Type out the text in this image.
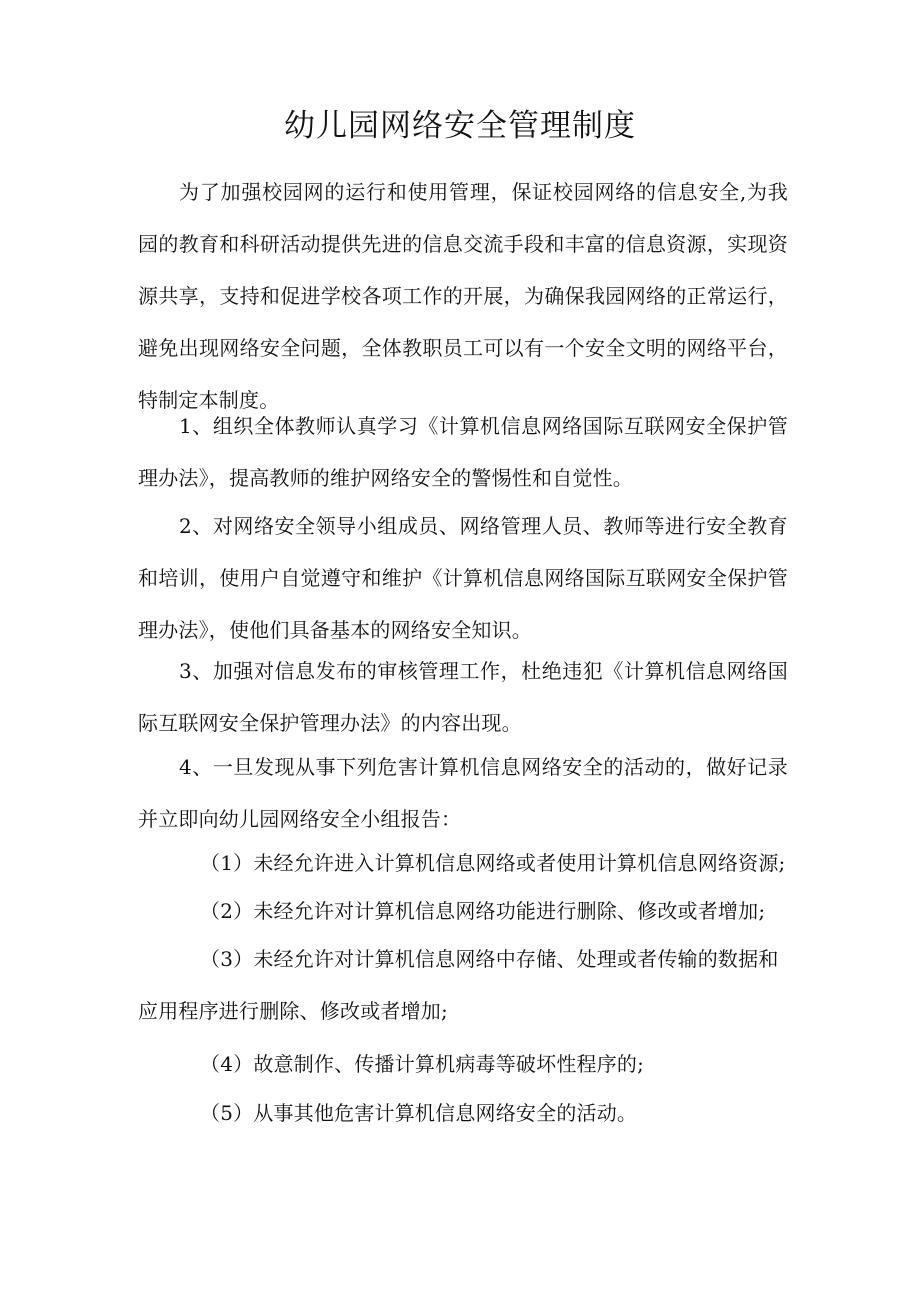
幼儿园网络安全管理制度

为了加强校园网的运行和使用管理，保证校园网络的信息安全,为我园的教育和科研活动提供先进的信息交流手段和丰富的信息资源，实现资源共享，支持和促进学校各项工作的开展，为确保我园网络的正常运行，避免出现网络安全问题，全体教职员工可以有一个安全文明的网络平台，特制定本制度。

1、组织全体教师认真学习《计算机信息网络国际互联网安全保护管理办法》，提高教师的维护网络安全的警惕性和自觉性。

2、对网络安全领导小组成员、网络管理人员、教师等进行安全教育和培训，使用户自觉遵守和维护《计算机信息网络国际互联网安全保护管理办法》，使他们具备基本的网络安全知识。

3、加强对信息发布的审核管理工作，杜绝违犯《计算机信息网络国际互联网安全保护管理办法》的内容出现。

4、一旦发现从事下列危害计算机信息网络安全的活动的，做好记录并立即向幼儿园网络安全小组报告：

（1）未经允许进入计算机信息网络或者使用计算机信息网络资源;

（2）未经允许对计算机信息网络功能进行删除、修改或者增加;

（3）未经允许对计算机信息网络中存储、处理或者传输的数据和应用程序进行删除、修改或者增加;

（4）故意制作、传播计算机病毒等破坏性程序的;

（5）从事其他危害计算机信息网络安全的活动。
